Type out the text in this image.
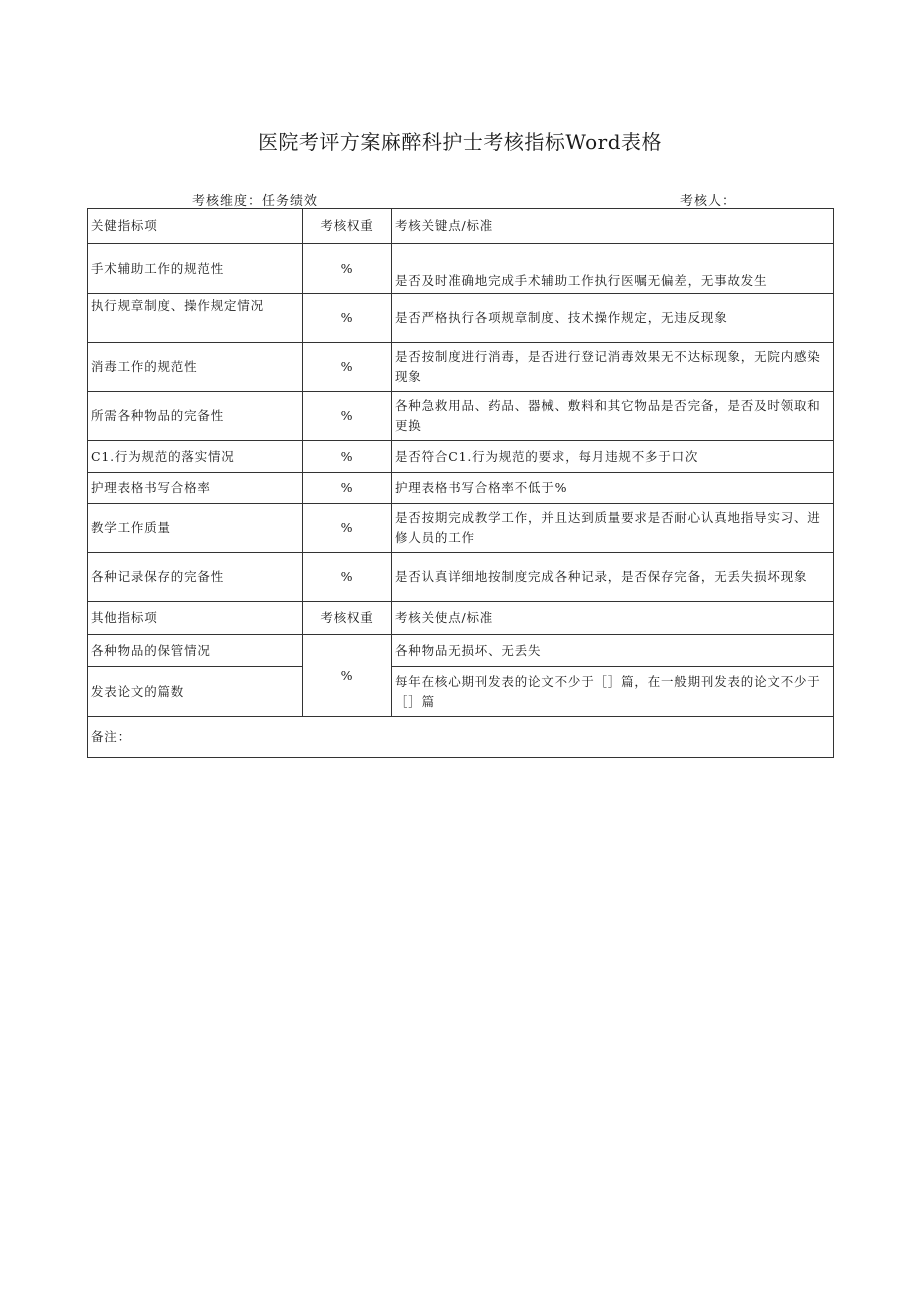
医院考评方案麻醉科护士考核指标Word表格
考核维度：任务绩效	考核人：
关健指标项	考核权重	考核关键点/标准
手术辅助工作的规范性	%	是否及时准确地完成手术辅助工作执行医嘱无偏差，无事故发生
执行规章制度、操作规定情况	%	是否严格执行各项规章制度、技术操作规定，无违反现象
消毒工作的规范性	%	是否按制度进行消毒，是否进行登记消毒效果无不达标现象，无院内感染现象
所需各种物品的完备性	%	各种急救用品、药品、器械、敷料和其它物品是否完备，是否及时领取和更换
C1.行为规范的落实情况	%	是否符合C1.行为规范的要求，每月违规不多于口次
护理表格书写合格率	%	护理表格书写合格率不低于%
教学工作质量	%	是否按期完成教学工作，并且达到质量要求是否耐心认真地指导实习、进修人员的工作
各种记录保存的完备性	%	是否认真详细地按制度完成各种记录，是否保存完备，无丢失损坏现象
其他指标项	考核权重	考核关使点/标准
各种物品的保管情况	%	各种物品无损坏、无丢失
发表论文的篇数		每年在核心期刊发表的论文不少于［］篇，在一般期刊发表的论文不少于［］篇
备注：		
